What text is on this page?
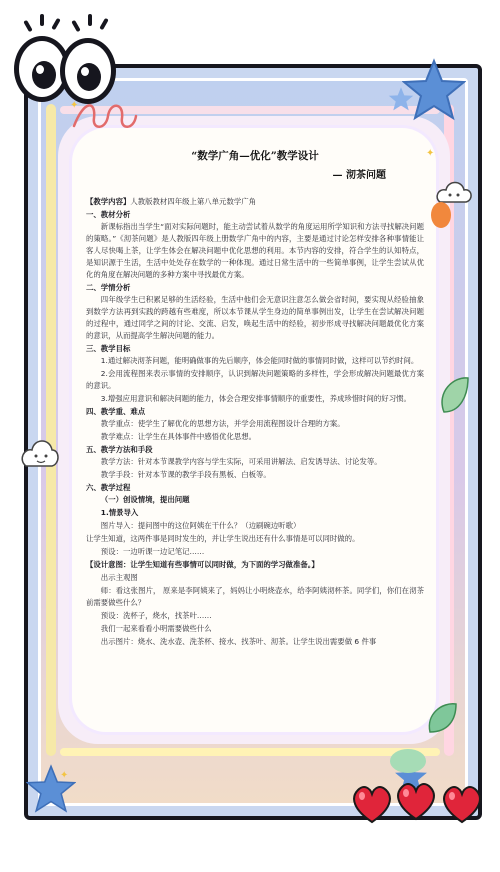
“数学广角—优化”教学设计

— 沏茶问题

【教学内容】人教版教材四年级上第八单元数学广角

一、教材分析

新课标指出当学生“面对实际问题时，能主动尝试着从数学的角度运用所学知识和方法寻找解决问题的策略。”《沏茶问题》是人教版四年级上册数学广角中的内容，主要是通过讨论怎样安排各种事情能让客人尽快喝上茶，让学生体会在解决问题中优化思想的利用。本节内容的安排，符合学生的认知特点，是知识源于生活，生活中处处存在数学的一种体现。通过日常生活中的一些简单事例，让学生尝试从优化的角度在解决问题的多种方案中寻找最优方案。

二、学情分析

四年级学生已积累足够的生活经验，生活中他们会无意识注意怎么做会省时间，要实现从经验抽象到数学方法再到实践的跨越有些难度，所以本节课从学生身边的简单事例出发，让学生在尝试解决问题的过程中，通过同学之间的讨论、交流、启发，唤起生活中的经验，初步形成寻找解决问题最优化方案的意识，从而提高学生解决问题的能力。

三、教学目标

1.通过解决沏茶问题，能明确做事的先后顺序，体会能同时做的事情同时做，这样可以节约时间。

2.会用流程图来表示事情的安排顺序，认识到解决问题策略的多样性，学会形成解决问题最优方案的意识。

3.增强应用意识和解决问题的能力，体会合理安排事情顺序的重要性，养成珍惜时间的好习惯。

四、教学重、难点

教学重点：使学生了解优化的思想方法，并学会用流程图设计合理的方案。

教学难点：让学生在具体事件中感悟优化思想。

五、教学方法和手段

教学方法：针对本节课教学内容与学生实际，可采用讲解法、启发诱导法、讨论发等。

教学手段：针对本节课的教学手段有黑板、白板等。

六、教学过程

（一）创设情境，提出问题

1.情景导入

图片导入：提问图中的这位阿姨在干什么？（边刷碗边听歌）

让学生知道，这两件事是同时发生的，并让学生说出还有什么事情是可以同时做的。

预设：一边听课一边记笔记……

【设计意图：让学生知道有些事情可以同时做，为下面的学习做准备。】

出示主观图

师：看这张图片， 原来是李阿姨来了，妈妈让小明烧壶水，给李阿姨沏杯茶。同学们，你们在沏茶前需要做些什么？

预设：洗杯子，烧水，找茶叶……

我们一起来看看小明需要做些什么

出示图片：烧水、洗水壶、洗茶杯、接水、找茶叶、沏茶。让学生说出需要做 6 件事

✦
✦
✦
